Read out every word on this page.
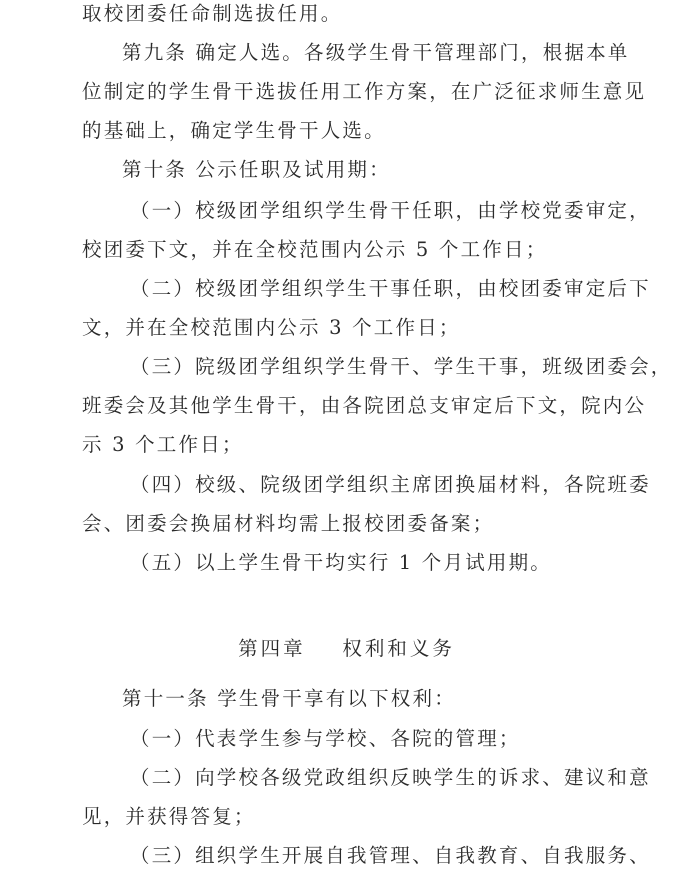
取校团委任命制选拔任用。
第九条 确定人选。各级学生骨干管理部门，根据本单
位制定的学生骨干选拔任用工作方案，在广泛征求师生意见
的基础上，确定学生骨干人选。
第十条 公示任职及试用期：
（一）校级团学组织学生骨干任职，由学校党委审定，
校团委下文，并在全校范围内公示 5 个工作日；
（二）校级团学组织学生干事任职，由校团委审定后下
文，并在全校范围内公示 3 个工作日；
（三）院级团学组织学生骨干、学生干事，班级团委会，
班委会及其他学生骨干，由各院团总支审定后下文，院内公
示 3 个工作日；
（四）校级、院级团学组织主席团换届材料，各院班委
会、团委会换届材料均需上报校团委备案；
（五）以上学生骨干均实行 1 个月试用期。
第四章    权利和义务
第十一条 学生骨干享有以下权利：
（一）代表学生参与学校、各院的管理；
（二）向学校各级党政组织反映学生的诉求、建议和意
见，并获得答复；
（三）组织学生开展自我管理、自我教育、自我服务、
